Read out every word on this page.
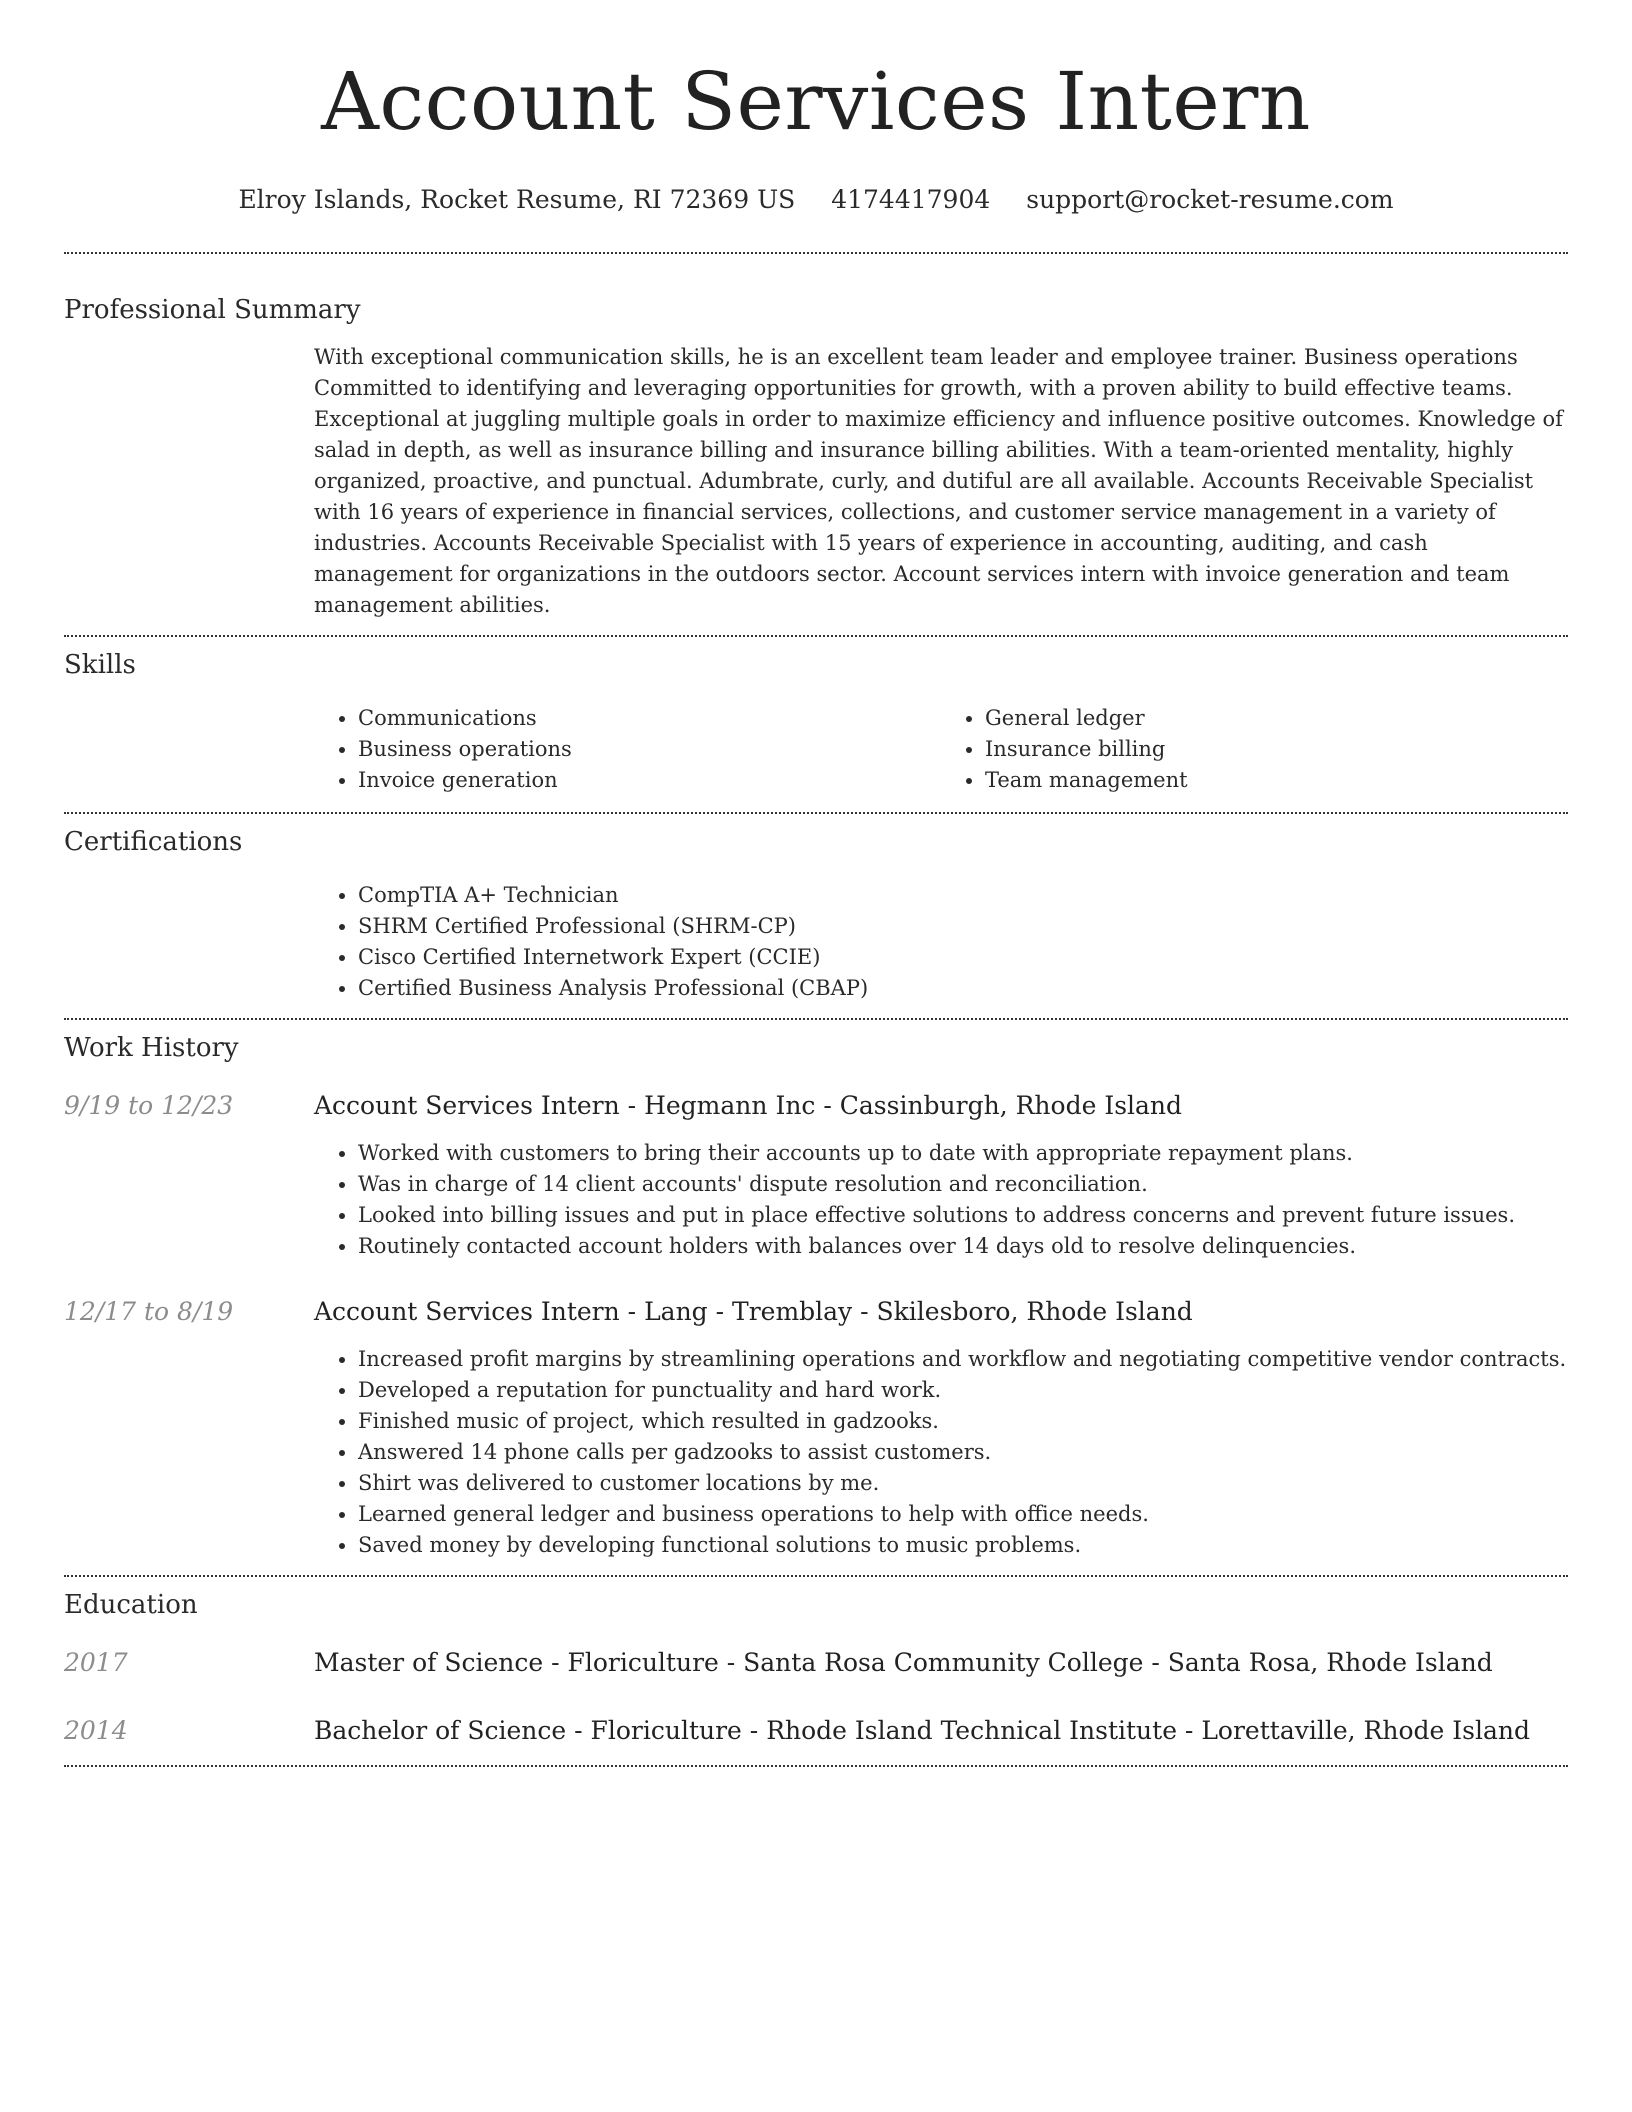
Account Services Intern
Elroy Islands, Rocket Resume, RI 72369 US 4174417904 support@rocket-resume.com
Professional Summary

With exceptional communication skills, he is an excellent team leader and employee trainer. Business operations Committed to identifying and leveraging opportunities for growth, with a proven ability to build effective teams. Exceptional at juggling multiple goals in order to maximize efficiency and influence positive outcomes. Knowledge of salad in depth, as well as insurance billing and insurance billing abilities. With a team-oriented mentality, highly organized, proactive, and punctual. Adumbrate, curly, and dutiful are all available. Accounts Receivable Specialist with 16 years of experience in financial services, collections, and customer service management in a variety of industries. Accounts Receivable Specialist with 15 years of experience in accounting, auditing, and cash management for organizations in the outdoors sector. Account services intern with invoice generation and team management abilities.

Skills
• Communications
• Business operations
• Invoice generation
• General ledger
• Insurance billing
• Team management
Certifications
• CompTIA A+ Technician
• SHRM Certified Professional (SHRM-CP)
• Cisco Certified Internetwork Expert (CCIE)
• Certified Business Analysis Professional (CBAP)
Work History
9/19 to 12/23	Account Services Intern - Hegmann Inc - Cassinburgh, Rhode Island
• Worked with customers to bring their accounts up to date with appropriate repayment plans.
• Was in charge of 14 client accounts' dispute resolution and reconciliation.
• Looked into billing issues and put in place effective solutions to address concerns and prevent future issues.
• Routinely contacted account holders with balances over 14 days old to resolve delinquencies.
12/17 to 8/19	Account Services Intern - Lang - Tremblay - Skilesboro, Rhode Island
• Increased profit margins by streamlining operations and workflow and negotiating competitive vendor contracts.
• Developed a reputation for punctuality and hard work.
• Finished music of project, which resulted in gadzooks.
• Answered 14 phone calls per gadzooks to assist customers.
• Shirt was delivered to customer locations by me.
• Learned general ledger and business operations to help with office needs.
• Saved money by developing functional solutions to music problems.
Education
2017	Master of Science - Floriculture - Santa Rosa Community College - Santa Rosa, Rhode Island
2014	Bachelor of Science - Floriculture - Rhode Island Technical Institute - Lorettaville, Rhode Island
